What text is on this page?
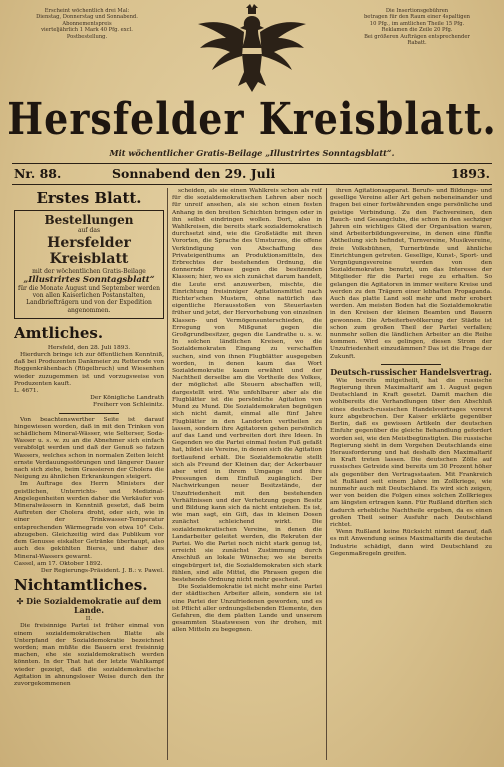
Erscheint wöchentlich drei Mal:
Dienstag, Donnerstag und Sonnabend.
Abonnementspreis
vierteljährlich 1 Mark 40 Pfg. excl.
Postbestellung.
Die Insertionsgebühren
betragen für den Raum einer 4spaltigen
10 Pfg., im amtlichen Theile 15 Pfg.
Reklamen die Zeile 20 Pfg.
Bei größeren Aufträgen entsprechender
Rabatt.
Hersfelder Kreisblatt.
Mit wöchentlicher Gratis-Beilage „Illustrirtes Sonntagsblatt“.
Nr. 88.	Sonnabend den 29. Juli	1893.
Erstes Blatt.
Bestellungen
auf das
Hersfelder Kreisblatt
mit der wöchentlichen Gratis-Beilage
„Illustrirtes Sonntagsblatt“
für die Monate August und September werden von allen Kaiserlichen Postanstalten, Landbriefträgern und von der Expedition angenommen.
Amtliches.
Hersfeld, den 28. Juli 1893.

Hierdurch bringe ich zur öffentlichen Kenntniß, daß bei Produzenten Dankmeier zu Retterode von Roggenkrähenbach (Rügelbruch) und Wiesenhen wieder zuzugemmen ist und vorzugsweise von Produzenten kauft.

L. 4671.
Der Königliche Landrath
Freiherr von Schleinitz.

Von beachtenswerther Seite ist darauf hingewiesen worden, daß in mit den Trinken von schädlichem Mineral-Wässer, wie Selterser, Soda-Wasser u. s. w. zu an die Abnehmer sich einfach verabfolgt werden und daß der Genuß so fatzen Wassers, welches schon in normalen Zeiten leicht ernste Verdauungsstörungen und längerer Dauer nach sich ziehe, beim Grassieren der Cholera die Neigung zu ähnlichen Erkrankungen steigert.

Im Auftrage des Herrn Ministers der geistlichen, Unterrichts- und Medizinal-Angelegenheiten werden daher die Verkäufer von Mineralwässern in Kenntniß gesetzt, daß beim Auftreten der Cholera droht, oder sich, wie in einer der Trinkwasser-Temperatur entsprechenden Wärmegrade von etwa 10° Cels. abzugeben. Gleichzeitig wird das Publikum vor dem Genusse eiskalter Getränke überhaupt, also auch des gekühlten Bieres, und daher des Mineral-Wassers gewarnt.

Cassel, am 17. Oktober 1892.
Der Regierungs-Präsident. J. B.: v. Pawel.
Nichtamtliches.
✣ Die Sozialdemokratie auf dem Lande.
II.

Die freisinnige Partei ist früher einmal von einem sozialdemokratischen Blatte als Unterpfand der Sozialdemokratie bezeichnet worden; man müßte die Bauern erst freisinnig machen, ehe sie sozialdemokratisch werden könnten. In der That hat der letzte Wahlkampf wieder gezeigt, daß die sozialdemokratische Agitation in ahnungsloser Weise durch den ihr zuvorgekommenen

scheiden, als sie einen Wahlkreis schon als reif für die sozialdemokratischen Lehren aber noch für unreif ansehen, als sie schon einen festen Anhang in den breiten Schichten bringen oder in ihn selbst eindringen wollen. Dort, also in Wahlkreisen, die bereits stark sozialdemokratisch durchsetzt sind, wie die Großstädte mit ihren Vororten, die Sprache des Umsturzes, die offene Verkündigung von Abschaffung des Privateigenthums an Produktionsmitteln, des Erbrechtes der bestehenden Ordnung, die donnernde Phrase gegen die besitzenden Klassen; hier, wo es sich zunächst darum handelt, die Leute erst anzuwerben, mischte, die Einrichtung freisinniger Agitationsmittel nach Richter'schen Mustern, ohne natürlich das eigentliche Herausstoßen von Steuerlasten früher und jetzt, der Hervorhebung von einzelnen Klassen- und Vermögensunterschieden, die Erregung von Mißgunst gegen die Großgrundbesitzer, gegen die Landrathe u. s. w. In solchen ländlichen Kreisen, wo die Sozialdemokraten Eingang zu verschaffen suchen, sind von ihnen Flugblätter ausgegeben worden, in denen kaum das Wort Sozialdemokratie kaum erwähnt und der Nachtheil derselbe am die Vortheile des Volkes, der möglichst alle Steuern abschaffen will, dargestellt wird. Wie unfehlbarer aber als die Flugblätter ist die persönliche Agitation von Mund zu Mund. Die Sozialdemokraten begnügen sich nicht damit, einmal alle fünf Jahre Flugblätter in den Landorten vertheilen zu lassen, sondern ihre Agitatoren gehen persönlich auf das Land und verbreiten dort ihre Ideen. In Gegenden wo die Partei einmal festen Fuß gefaßt hat, bildet sie Vereine, in denen sich die Agitation fortlaufend erhält. Die Sozialdemokratie stellt sich als Freund der Kleinen dar, der Ackerbauer aber wird in ihrem Umgange und ihre Pressungen dem Einfluß zugänglich. Der Nachwirkungen neuer Besitzstände, der Unzufriedenheit mit den bestehenden Verhältnissen und der Verhetzung gegen Besitz und Bildung kann sich da nicht entziehen. Es ist, wie man sagt, ein Gift, das in kleinen Dosen zunächst schleichend wirkt. Die sozialdemokratischen Vereine, in denen die Landarbeiter geleitet werden, die Rekruten der Partei. Wo die Partei noch nicht stark genug ist, erreicht sie zunächst Zustimmung durch Anschluß an lokale Wünsche; wo sie bereits eingebürgert ist, die Sozialdemokraten sich stark fühlen, sind alle Mittel, die Phrasen gegen die bestehende Ordnung nicht mehr gescheut.

Die Sozialdemokratie ist nicht mehr eine Partei der städtischen Arbeiter allein, sondern sie ist eine Partei der Unzufriedenen geworden, und es ist Pflicht aller ordnungsliebenden Elemente, den Gefahren, die dem platten Lande und unserem gesammten Staatswesen von ihr drohen, mit allen Mitteln zu begegnen.

ihren Agitationsapparat. Berufs- und Bildungs- und gesellige Vereine aller Art gehen nebeneinander und fragen bei einer fortwährenden enge persönliche und geistige Verbindung. Zu den Fachvereinen, den Rauch- und Gesangclubs, die schon in den sechziger Jahren ein wichtiges Glied der Organisation waren, sind Arbeiterbildungsvereine, in denen eine fünfte Abtheilung sich befindet, Turnvereine, Musikvereine, freie Volksbühnen, Turnerbünde und ähnliche Einrichtungen getreten. Gesellige, Kunst-, Sport- und Vergnügungsvereine werden von den Sozialdemokraten benutzt, um das Interesse der Mitglieder für die Partei rege zu erhalten. So gelangen die Agitatoren in immer weitere Kreise und werden zu den Trägern einer lebhaften Propaganda. Auch das platte Land soll mehr und mehr erobert werden. Am meisten Boden hat die Sozialdemokratie in den Kreisen der kleinen Beamten und Bauern gewonnen. Die Arbeiterbevölkerung der Städte ist schon zum großen Theil der Partei verfallen; nunmehr sollen die ländlichen Arbeiter an die Reihe kommen. Wird es gelingen, diesen Strom der Unzufriedenheit einzudämmen? Das ist die Frage der Zukunft.

Deutsch-russischer Handelsvertrag.

Wie bereits mitgetheilt, hat die russische Regierung ihren Maximaltarif am 1. August gegen Deutschland in Kraft gesetzt. Damit machen die wohlbereits die Verhandlungen über den Abschluß eines deutsch-russischen Handelsvertrages vorerst kurz abgebrochen. Der Kaiser erklärte gegenüber Berlin, daß es gewissen Artikeln der deutschen Einfuhr gegenüber die gleiche Behandlung gefordert worden sei, wie den Meistbegünstigten. Die russische Regierung sieht in dem Vorgehen Deutschlands eine Herausforderung und hat deshalb den Maximaltarif in Kraft treten lassen. Die deutschen Zölle auf russisches Getreide sind bereits um 30 Prozent höher als gegenüber den Vertragsstaaten. Mit Frankreich ist Rußland seit einem Jahre im Zollkriege, wie nunmehr auch mit Deutschland. Es wird sich zeigen, wer von beiden die Folgen eines solchen Zollkrieges am längsten ertragen kann. Für Rußland dürften sich dadurch erhebliche Nachtheile ergeben, da es einen großen Theil seiner Ausfuhr nach Deutschland richtet.

Wenn Rußland keine Rücksicht nimmt darauf, daß es mit Anwendung seines Maximaltarifs die deutsche Industrie schädigt, dann wird Deutschland zu Gegenmaßregeln greifen.
